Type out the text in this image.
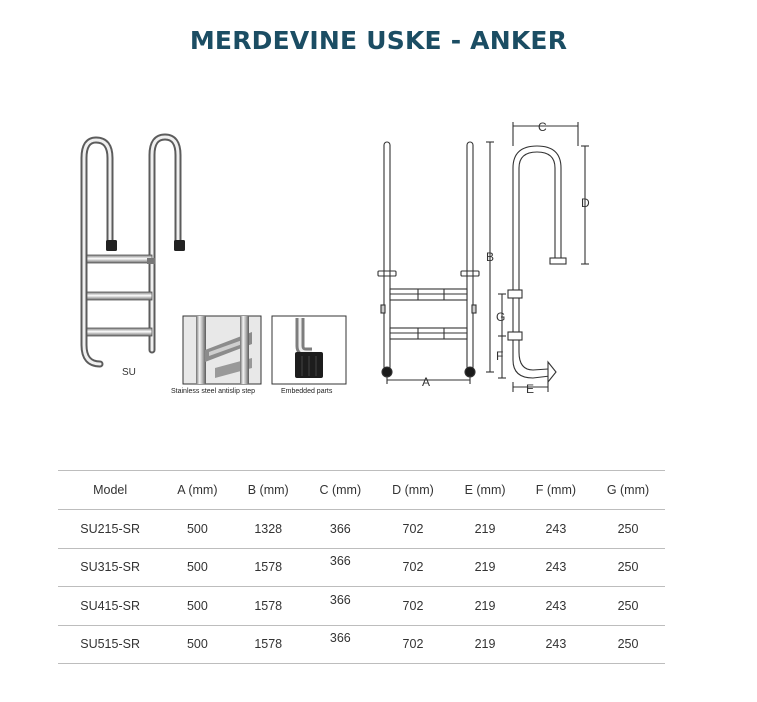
MERDEVINE USKE - ANKER
SU
A
B
C
D
G
F
E
Stainless steel antislip step	Embedded parts
Model	A (mm)	B (mm)	C (mm)	D (mm)	E (mm)	F (mm)	G (mm)
SU215-SR	500	1328	366	702	219	243	250
SU315-SR	500	1578	366	702	219	243	250
SU415-SR	500	1578	366	702	219	243	250
SU515-SR	500	1578	366	702	219	243	250
